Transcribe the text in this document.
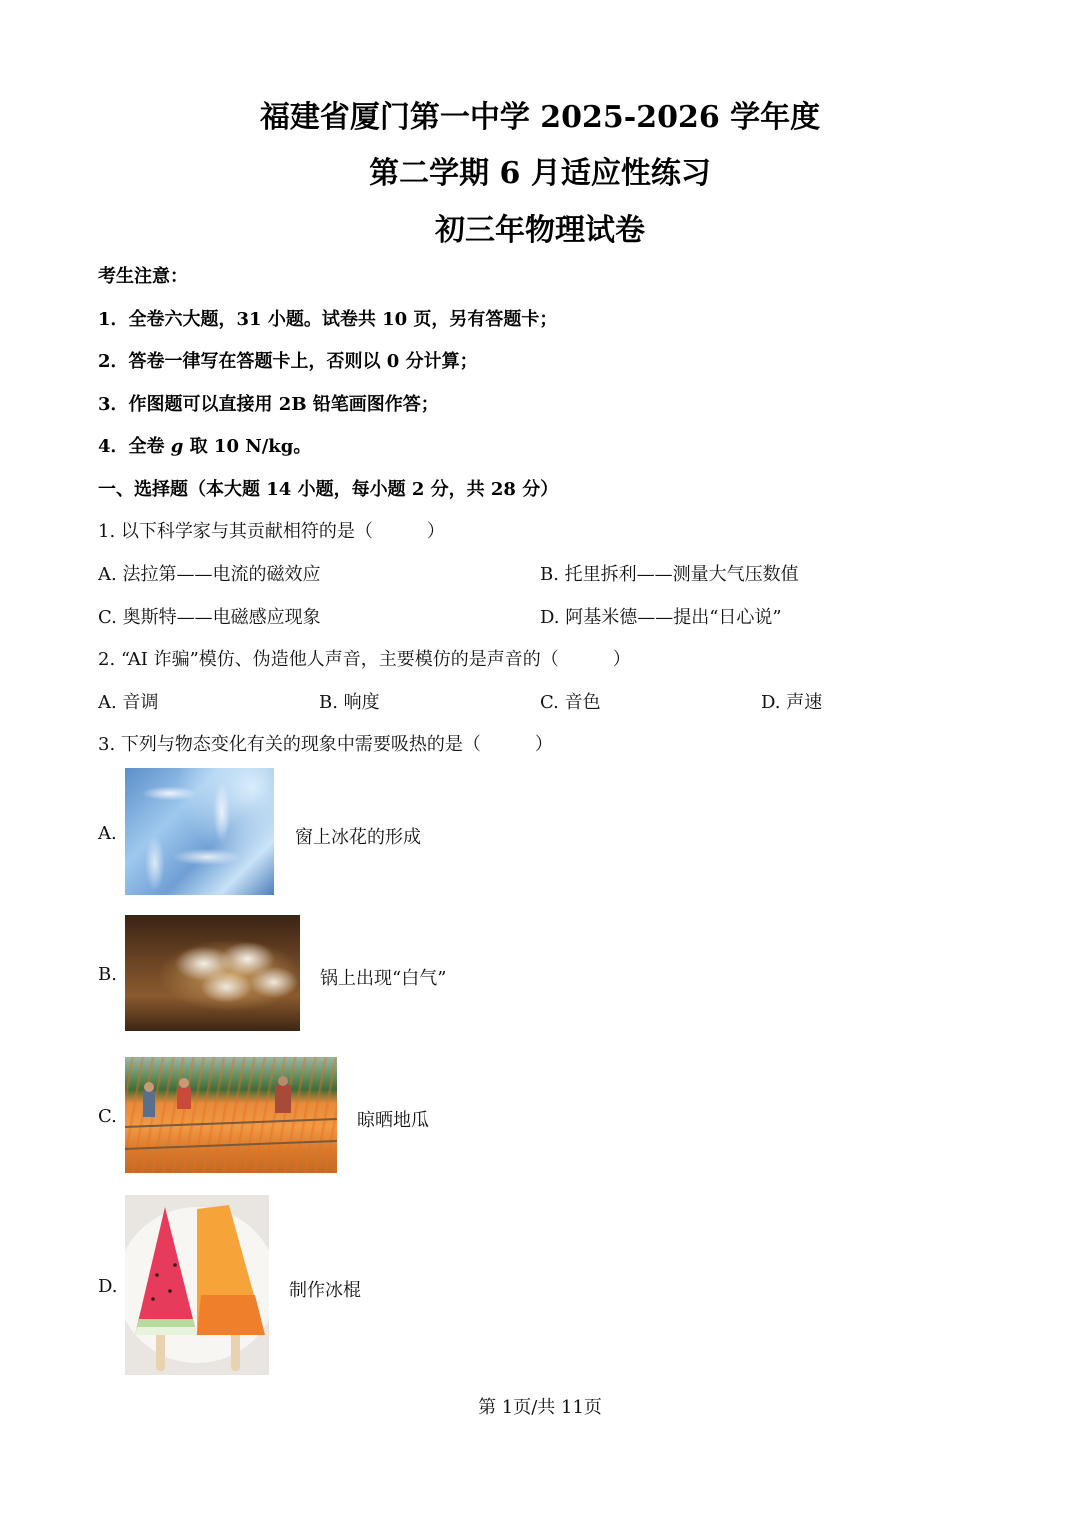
福建省厦门第一中学 2025-2026 学年度
第二学期 6 月适应性练习
初三年物理试卷
考生注意：
1．全卷六大题，31 小题。试卷共 10 页，另有答题卡；
2．答卷一律写在答题卡上，否则以 0 分计算；
3．作图题可以直接用 2B 铅笔画图作答；
4．全卷 g 取 10 N/kg。
一、选择题（本大题 14 小题，每小题 2 分，共 28 分）
1. 以下科学家与其贡献相符的是（　　　）
A. 法拉第——电流的磁效应	B. 托里拆利——测量大气压数值
C. 奥斯特——电磁感应现象	D. 阿基米德——提出“日心说”
2. “AI 诈骗”模仿、伪造他人声音，主要模仿的是声音的（　　　）
A. 音调	B. 响度	C. 音色	D. 声速
3. 下列与物态变化有关的现象中需要吸热的是（　　　）
A.	窗上冰花的形成
B.	锅上出现“白气”
C.	晾晒地瓜
D.	制作冰棍
第 1页/共 11页
